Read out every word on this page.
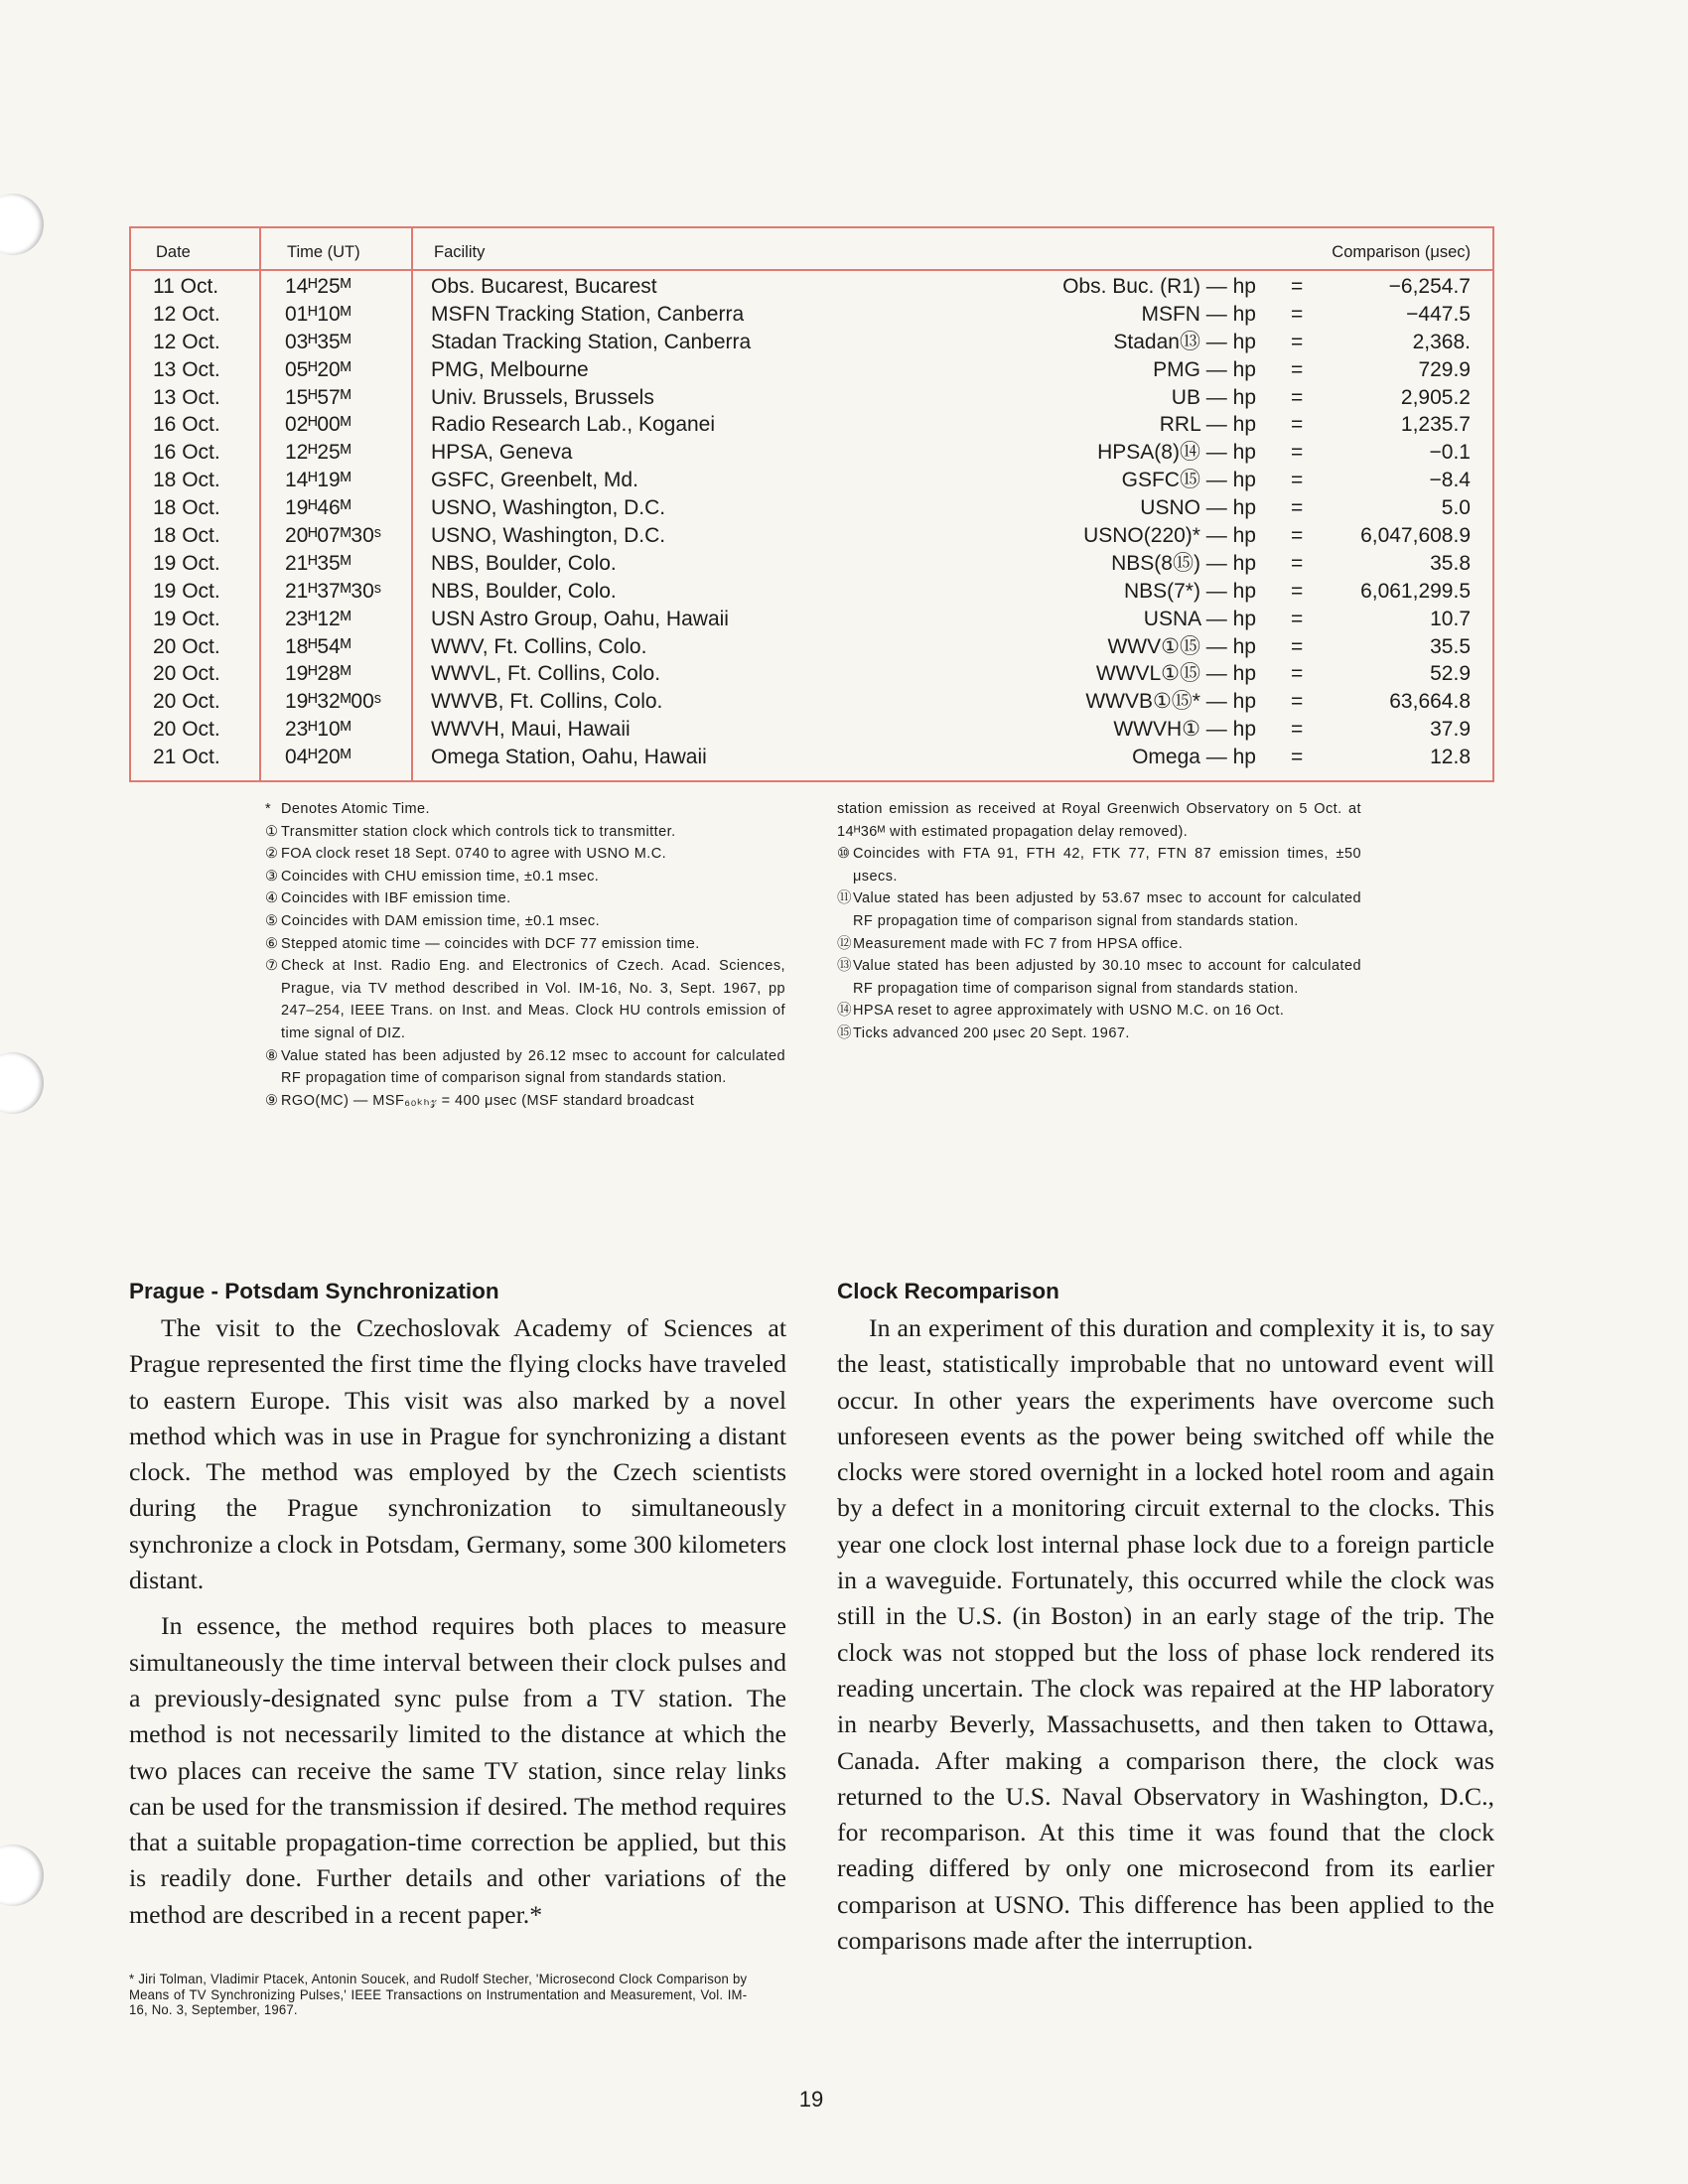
Date	Time (UT)	Facility	Comparison (μsec)
11 Oct.	14ᴴ25ᴹ	Obs. Bucarest, Bucarest	Obs. Buc. (R1) — hp =	−6,254.7
12 Oct.	01ᴴ10ᴹ	MSFN Tracking Station, Canberra	MSFN — hp =	−447.5
12 Oct.	03ᴴ35ᴹ	Stadan Tracking Station, Canberra	Stadan⑬ — hp =	2,368.
13 Oct.	05ᴴ20ᴹ	PMG, Melbourne	PMG — hp =	729.9
13 Oct.	15ᴴ57ᴹ	Univ. Brussels, Brussels	UB — hp =	2,905.2
16 Oct.	02ᴴ00ᴹ	Radio Research Lab., Koganei	RRL — hp =	1,235.7
16 Oct.	12ᴴ25ᴹ	HPSA, Geneva	HPSA(8)⑭ — hp =	−0.1
18 Oct.	14ᴴ19ᴹ	GSFC, Greenbelt, Md.	GSFC⑮ — hp =	−8.4
18 Oct.	19ᴴ46ᴹ	USNO, Washington, D.C.	USNO — hp =	5.0
18 Oct.	20ᴴ07ᴹ30ˢ USNO, Washington, D.C.	USNO(220)* — hp =	6,047,608.9
19 Oct.	21ᴴ35ᴹ	NBS, Boulder, Colo.	NBS(8⑮) — hp =	35.8
19 Oct.	21ᴴ37ᴹ30ˢ NBS, Boulder, Colo.	NBS(7*) — hp =	6,061,299.5
19 Oct.	23ᴴ12ᴹ	USN Astro Group, Oahu, Hawaii	USNA — hp =	10.7
20 Oct.	18ᴴ54ᴹ	WWV, Ft. Collins, Colo.	WWV①⑮ — hp =	35.5
20 Oct.	19ᴴ28ᴹ	WWVL, Ft. Collins, Colo.	WWVL①⑮ — hp =	52.9
20 Oct.	19ᴴ32ᴹ00ˢ WWVB, Ft. Collins, Colo.	WWVB①⑮* — hp =	63,664.8
20 Oct.	23ᴴ10ᴹ	WWVH, Maui, Hawaii	WWVH① — hp =	37.9
21 Oct.	04ᴴ20ᴹ	Omega Station, Oahu, Hawaii	Omega — hp =	12.8
* Denotes Atomic Time.
① Transmitter station clock which controls tick to transmitter.
② FOA clock reset 18 Sept. 0740 to agree with USNO M.C.
③ Coincides with CHU emission time, ±0.1 msec.
④ Coincides with IBF emission time.
⑤ Coincides with DAM emission time, ±0.1 msec.
⑥ Stepped atomic time — coincides with DCF 77 emission time.
⑦ Check at Inst. Radio Eng. and Electronics of Czech. Acad. Sciences, Prague, via TV method described in Vol. IM-16, No. 3, Sept. 1967, pp 247–254, IEEE Trans. on Inst. and Meas. Clock HU controls emission of time signal of DIZ.
⑧ Value stated has been adjusted by 26.12 msec to account for calculated RF propagation time of comparison signal from standards station.
⑨ RGO(MC) — MSF₆₀ₖₕ𝓏 = 400 μsec (MSF standard broadcast
station emission as received at Royal Greenwich Observatory on 5 Oct. at 14ᴴ36ᴹ with estimated propagation delay removed).
⑩ Coincides with FTA 91, FTH 42, FTK 77, FTN 87 emission times, ±50 μsecs.
⑪ Value stated has been adjusted by 53.67 msec to account for calculated RF propagation time of comparison signal from standards station.
⑫ Measurement made with FC 7 from HPSA office.
⑬ Value stated has been adjusted by 30.10 msec to account for calculated RF propagation time of comparison signal from standards station.
⑭ HPSA reset to agree approximately with USNO M.C. on 16 Oct.
⑮ Ticks advanced 200 μsec 20 Sept. 1967.
Prague - Potsdam Synchronization

The visit to the Czechoslovak Academy of Sciences at Prague represented the first time the flying clocks have traveled to eastern Europe. This visit was also marked by a novel method which was in use in Prague for synchronizing a distant clock. The method was employed by the Czech scientists during the Prague synchronization to simultaneously synchronize a clock in Potsdam, Germany, some 300 kilometers distant.

In essence, the method requires both places to measure simultaneously the time interval between their clock pulses and a previously-designated sync pulse from a TV station. The method is not necessarily limited to the distance at which the two places can receive the same TV station, since relay links can be used for the transmission if desired. The method requires that a suitable propagation-time correction be applied, but this is readily done. Further details and other variations of the method are described in a recent paper.*

* Jiri Tolman, Vladimir Ptacek, Antonin Soucek, and Rudolf Stecher, 'Microsecond Clock Comparison by Means of TV Synchronizing Pulses,' IEEE Transactions on Instrumentation and Measurement, Vol. IM-16, No. 3, September, 1967.
Clock Recomparison

In an experiment of this duration and complexity it is, to say the least, statistically improbable that no untoward event will occur. In other years the experiments have overcome such unforeseen events as the power being switched off while the clocks were stored overnight in a locked hotel room and again by a defect in a monitoring circuit external to the clocks. This year one clock lost internal phase lock due to a foreign particle in a waveguide. Fortunately, this occurred while the clock was still in the U.S. (in Boston) in an early stage of the trip. The clock was not stopped but the loss of phase lock rendered its reading uncertain. The clock was repaired at the HP laboratory in nearby Beverly, Massachusetts, and then taken to Ottawa, Canada. After making a comparison there, the clock was returned to the U.S. Naval Observatory in Washington, D.C., for recomparison. At this time it was found that the clock reading differed by only one microsecond from its earlier comparison at USNO. This difference has been applied to the comparisons made after the interruption.

19
